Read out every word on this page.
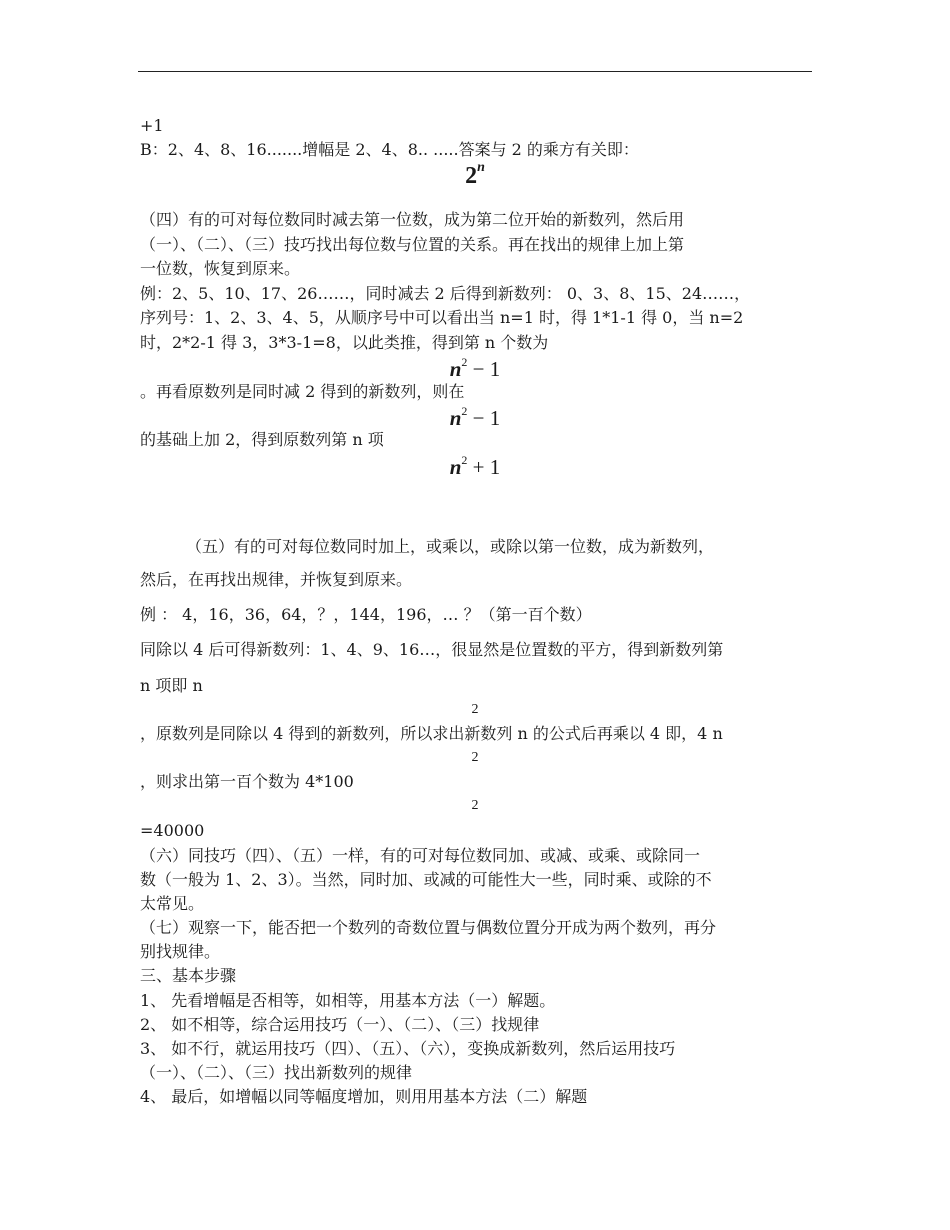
+1
B：2、4、8、16.......增幅是 2、4、8.. .....答案与 2 的乘方有关即：
2$^n$
（四）有的可对每位数同时减去第一位数，成为第二位开始的新数列，然后用
（一）、（二）、（三）技巧找出每位数与位置的关系。再在找出的规律上加上第
一位数，恢复到原来。
例：2、5、10、17、26……，同时减去 2 后得到新数列： 0、3、8、15、24……，
序列号：1、2、3、4、5，从顺序号中可以看出当 n=1 时，得 1*1-1 得 0，当 n=2
时，2*2-1 得 3，3*3-1=8，以此类推，得到第 n 个数为
$n^2 - 1$
。再看原数列是同时减 2 得到的新数列，则在
$n^2 - 1$
的基础上加 2，得到原数列第 n 项
$n^2 + 1$
（五）有的可对每位数同时加上，或乘以，或除以第一位数，成为新数列，
然后，在再找出规律，并恢复到原来。
例 ： 4，16，36，64，？，144，196，… ？（第一百个数）
同除以 4 后可得新数列：1、4、9、16…，很显然是位置数的平方，得到新数列第
n 项即 n
2
，原数列是同除以 4 得到的新数列，所以求出新数列 n 的公式后再乘以 4 即，4 n
2
，则求出第一百个数为 4*100
2
=40000
（六）同技巧（四）、（五）一样，有的可对每位数同加、或减、或乘、或除同一
数（一般为 1、2、3）。当然，同时加、或减的可能性大一些，同时乘、或除的不
太常见。
（七）观察一下，能否把一个数列的奇数位置与偶数位置分开成为两个数列，再分
别找规律。
三、基本步骤
1、 先看增幅是否相等，如相等，用基本方法（一）解题。
2、 如不相等，综合运用技巧（一）、（二）、（三）找规律
3、 如不行，就运用技巧（四）、（五）、（六），变换成新数列，然后运用技巧
（一）、（二）、（三）找出新数列的规律
4、 最后，如增幅以同等幅度增加，则用用基本方法（二）解题
